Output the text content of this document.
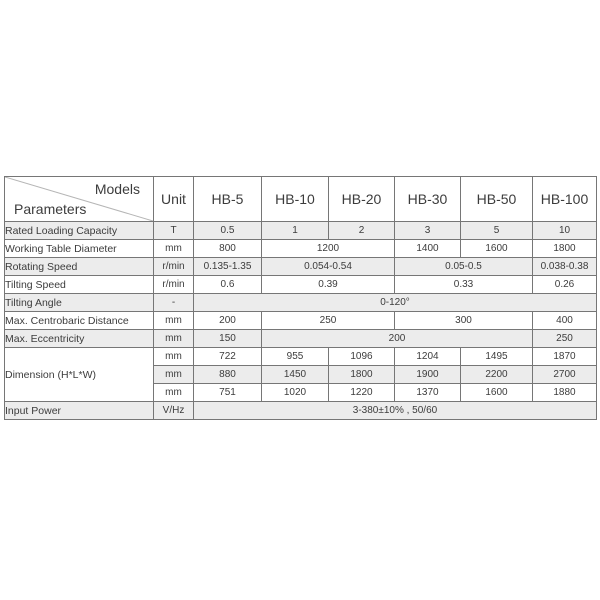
Models
Parameters	Unit	HB-5	HB-10	HB-20	HB-30	HB-50	HB-100
Rated Loading Capacity	T	0.5	1	2	3	5	10
Working Table Diameter	mm	800	1200		1400	1600	1800
Rotating Speed	r/min	0.135-1.35	0.054-0.54		0.05-0.5		0.038-0.38
Tilting Speed	r/min	0.6	0.39		0.33		0.26
Tilting Angle	-	0-120°					
Max. Centrobaric Distance	mm	200	250		300		400
Max. Eccentricity	mm	150	200				250
Dimension (H*L*W)	mm	722	955	1096	1204	1495	1870
	mm	880	1450	1800	1900	2200	2700
	mm	751	1020	1220	1370	1600	1880
Input Power	V/Hz	3-380±10% , 50/60					
